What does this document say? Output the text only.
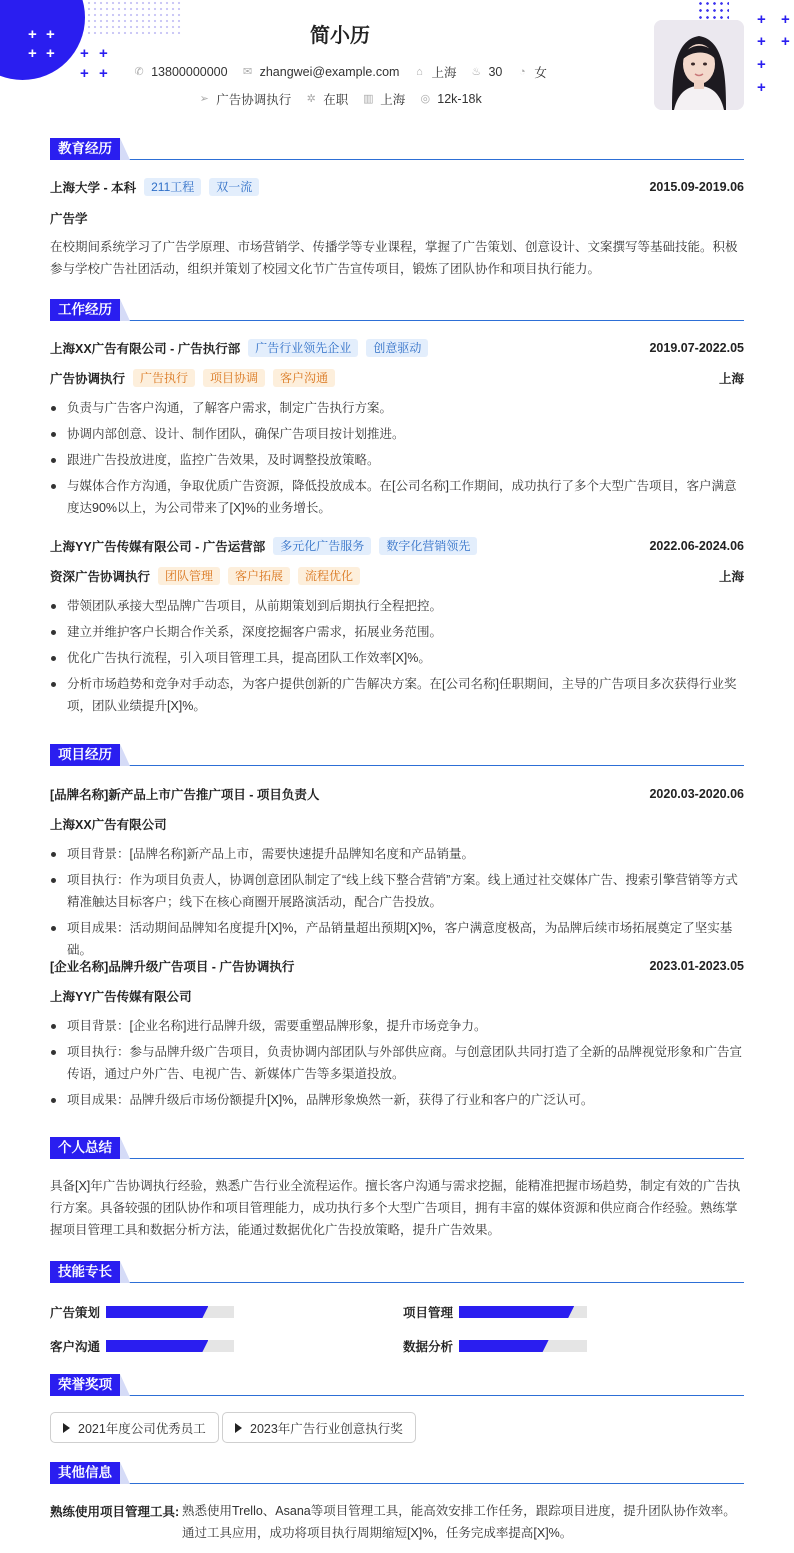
+ +
+ + + +
+ +
+ +
+ +
+
+
简小历
✆ 13800000000 ✉ zhangwei@example.com ⌂ 上海 ♨ 30 ◔ 女
➢ 广告协调执行 ✲ 在职 ▥ 上海 ◎ 12k-18k
教育经历
上海大学 - 本科	211工程	双一流	2015.09-2019.06
广告学
在校期间系统学习了广告学原理、市场营销学、传播学等专业课程，掌握了广告策划、创意设计、文案撰写等基础技能。积极参与学校广告社团活动，组织并策划了校园文化节广告宣传项目，锻炼了团队协作和项目执行能力。
工作经历
上海XX广告有限公司 - 广告执行部	广告行业领先企业	创意驱动	2019.07-2022.05
广告协调执行	广告执行	项目协调	客户沟通	上海
负责与广告客户沟通，了解客户需求，制定广告执行方案。
协调内部创意、设计、制作团队，确保广告项目按计划推进。
跟进广告投放进度，监控广告效果，及时调整投放策略。
与媒体合作方沟通，争取优质广告资源，降低投放成本。在[公司名称]工作期间，成功执行了多个大型广告项目，客户满意度达90%以上，为公司带来了[X]%的业务增长。
上海YY广告传媒有限公司 - 广告运营部	多元化广告服务	数字化营销领先	2022.06-2024.06
资深广告协调执行	团队管理	客户拓展	流程优化	上海
带领团队承接大型品牌广告项目，从前期策划到后期执行全程把控。
建立并维护客户长期合作关系，深度挖掘客户需求，拓展业务范围。
优化广告执行流程，引入项目管理工具，提高团队工作效率[X]%。
分析市场趋势和竞争对手动态，为客户提供创新的广告解决方案。在[公司名称]任职期间，主导的广告项目多次获得行业奖项，团队业绩提升[X]%。
项目经历
[品牌名称]新产品上市广告推广项目 - 项目负责人	2020.03-2020.06
上海XX广告有限公司
项目背景：[品牌名称]新产品上市，需要快速提升品牌知名度和产品销量。
项目执行：作为项目负责人，协调创意团队制定了“线上线下整合营销”方案。线上通过社交媒体广告、搜索引擎营销等方式精准触达目标客户；线下在核心商圈开展路演活动，配合广告投放。
项目成果：活动期间品牌知名度提升[X]%，产品销量超出预期[X]%，客户满意度极高，为品牌后续市场拓展奠定了坚实基础。
[企业名称]品牌升级广告项目 - 广告协调执行	2023.01-2023.05
上海YY广告传媒有限公司
项目背景：[企业名称]进行品牌升级，需要重塑品牌形象，提升市场竞争力。
项目执行：参与品牌升级广告项目，负责协调内部团队与外部供应商。与创意团队共同打造了全新的品牌视觉形象和广告宣传语，通过户外广告、电视广告、新媒体广告等多渠道投放。
项目成果：品牌升级后市场份额提升[X]%，品牌形象焕然一新，获得了行业和客户的广泛认可。
个人总结
具备[X]年广告协调执行经验，熟悉广告行业全流程运作。擅长客户沟通与需求挖掘，能精准把握市场趋势，制定有效的广告执行方案。具备较强的团队协作和项目管理能力，成功执行多个大型广告项目，拥有丰富的媒体资源和供应商合作经验。熟练掌握项目管理工具和数据分析方法，能通过数据优化广告投放策略，提升广告效果。
技能专长
广告策划	项目管理
客户沟通	数据分析
荣誉奖项
2021年度公司优秀员工	2023年广告行业创意执行奖
其他信息
熟练使用项目管理工具: 熟悉使用Trello、Asana等项目管理工具，能高效安排工作任务，跟踪项目进度，提升团队协作效率。通过工具应用，成功将项目执行周期缩短[X]%，任务完成率提高[X]%。
